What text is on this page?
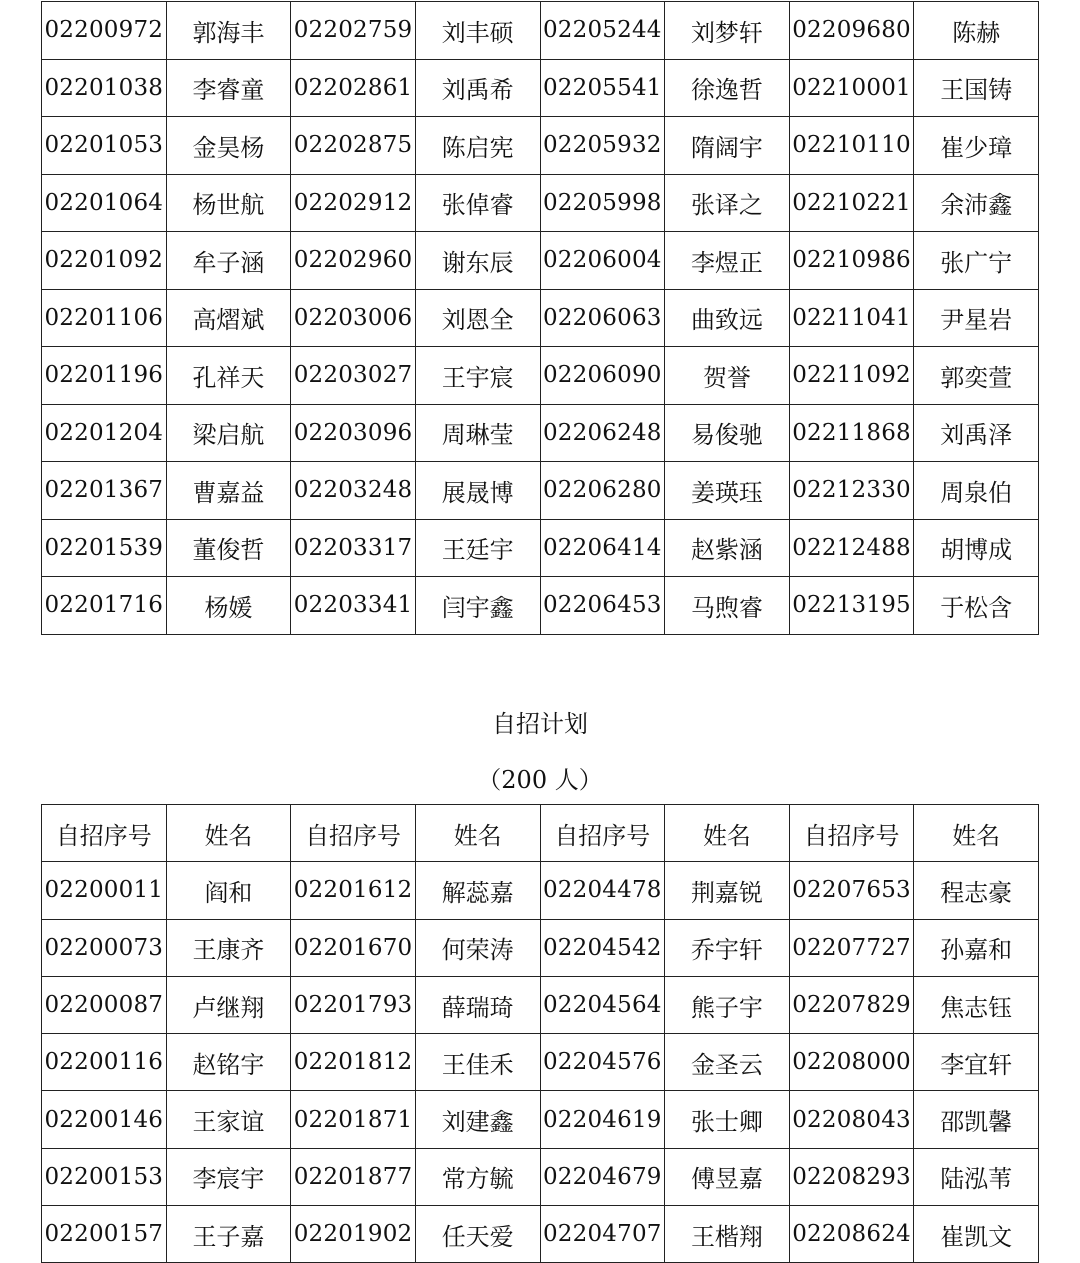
02200972	郭海丰	02202759	刘丰硕	02205244	刘梦轩	02209680	陈赫
02201038	李睿童	02202861	刘禹希	02205541	徐逸哲	02210001	王国铸
02201053	金昊杨	02202875	陈启宪	02205932	隋阔宇	02210110	崔少璋
02201064	杨世航	02202912	张倬睿	02205998	张译之	02210221	余沛鑫
02201092	牟子涵	02202960	谢东辰	02206004	李煜正	02210986	张广宁
02201106	高熠斌	02203006	刘恩全	02206063	曲致远	02211041	尹星岩
02201196	孔祥天	02203027	王宇宸	02206090	贺誉	02211092	郭奕萱
02201204	梁启航	02203096	周琳莹	02206248	易俊驰	02211868	刘禹泽
02201367	曹嘉益	02203248	展晟博	02206280	姜瑛珏	02212330	周泉伯
02201539	董俊哲	02203317	王廷宇	02206414	赵紫涵	02212488	胡博成
02201716	杨媛	02203341	闫宇鑫	02206453	马煦睿	02213195	于松含
自招计划
（200 人）
自招序号	姓名	自招序号	姓名	自招序号	姓名	自招序号	姓名
02200011	阎和	02201612	解蕊嘉	02204478	荆嘉锐	02207653	程志豪
02200073	王康齐	02201670	何荣涛	02204542	乔宇轩	02207727	孙嘉和
02200087	卢继翔	02201793	薛瑞琦	02204564	熊子宇	02207829	焦志钰
02200116	赵铭宇	02201812	王佳禾	02204576	金圣云	02208000	李宜轩
02200146	王家谊	02201871	刘建鑫	02204619	张士卿	02208043	邵凯馨
02200153	李宸宇	02201877	常方毓	02204679	傅昱嘉	02208293	陆泓苇
02200157	王子嘉	02201902	任天爱	02204707	王楷翔	02208624	崔凯文
